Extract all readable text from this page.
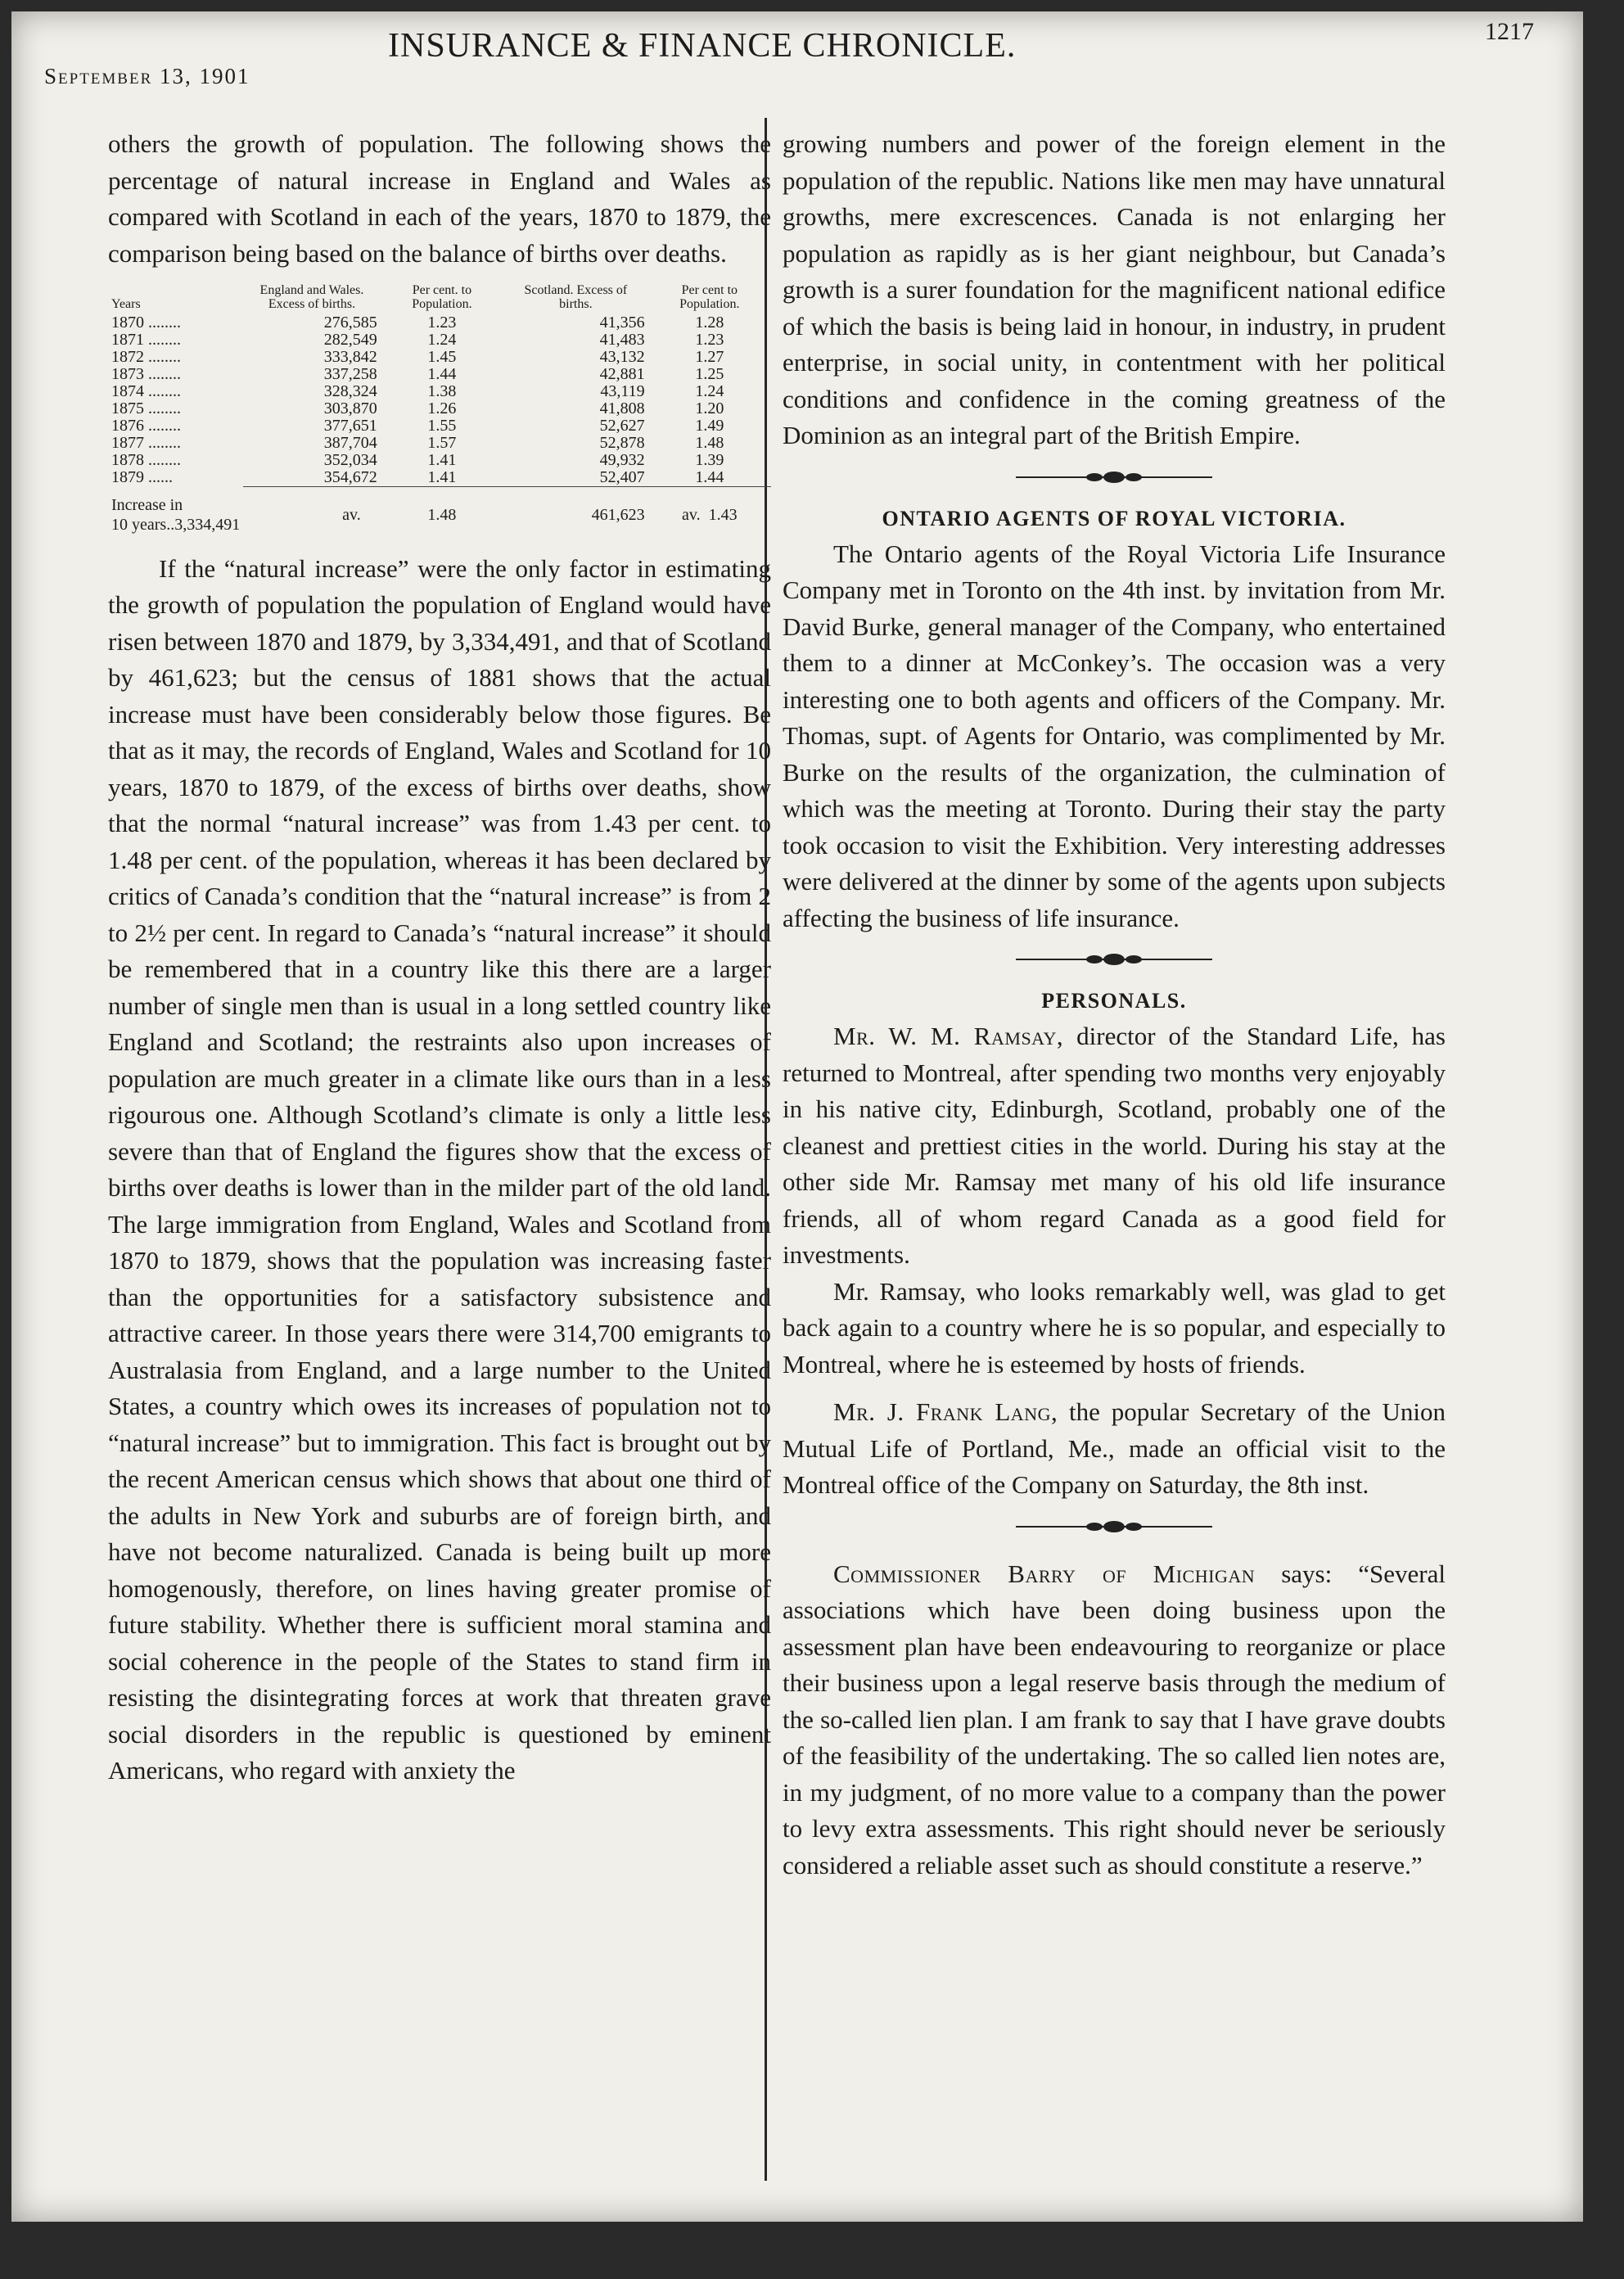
September 13, 1901
INSURANCE & FINANCE CHRONICLE.	1217

others the growth of population. The following shows the percentage of natural increase in England and Wales as compared with Scotland in each of the years, 1870 to 1879, the comparison being based on the balance of births over deaths.

Years	England and Wales. Excess of births.	Per cent. to Population.	Scotland. Excess of births.	Per cent to Population.
1870 ........	276,585	1.23	41,356	1.28
1871 ........	282,549	1.24	41,483	1.23
1872 ........	333,842	1.45	43,132	1.27
1873 ........	337,258	1.44	42,881	1.25
1874 ........	328,324	1.38	43,119	1.24
1875 ........	303,870	1.26	41,808	1.20
1876 ........	377,651	1.55	52,627	1.49
1877 ........	387,704	1.57	52,878	1.48
1878 ........	352,034	1.41	49,932	1.39
1879 ......	354,672	1.41	52,407	1.44
Increase in
10 years..3,334,491	av.	1.48	461,623	av. 1.43

If the “natural increase” were the only factor in estimating the growth of population the population of England would have risen between 1870 and 1879, by 3,334,491, and that of Scotland by 461,623; but the census of 1881 shows that the actual increase must have been considerably below those figures. Be that as it may, the records of England, Wales and Scotland for 10 years, 1870 to 1879, of the excess of births over deaths, show that the normal “natural increase” was from 1.43 per cent. to 1.48 per cent. of the population, whereas it has been declared by critics of Canada’s condition that the “natural increase” is from 2 to 2½ per cent. In regard to Canada’s “natural increase” it should be remembered that in a country like this there are a larger number of single men than is usual in a long settled country like England and Scotland; the restraints also upon increases of population are much greater in a climate like ours than in a less rigourous one. Although Scotland’s climate is only a little less severe than that of England the figures show that the excess of births over deaths is lower than in the milder part of the old land. The large immigration from England, Wales and Scotland from 1870 to 1879, shows that the population was increasing faster than the opportunities for a satisfactory subsistence and attractive career. In those years there were 314,700 emigrants to Australasia from England, and a large number to the United States, a country which owes its increases of population not to “natural increase” but to immigration. This fact is brought out by the recent American census which shows that about one third of the adults in New York and suburbs are of foreign birth, and have not become naturalized. Canada is being built up more homogenously, therefore, on lines having greater promise of future stability. Whether there is sufficient moral stamina and social coherence in the people of the States to stand firm in resisting the disintegrating forces at work that threaten grave social disorders in the republic is questioned by eminent Americans, who regard with anxiety the

growing numbers and power of the foreign element in the population of the republic. Nations like men may have unnatural growths, mere excrescences. Canada is not enlarging her population as rapidly as is her giant neighbour, but Canada’s growth is a surer foundation for the magnificent national edifice of which the basis is being laid in honour, in industry, in prudent enterprise, in social unity, in contentment with her political conditions and confidence in the coming greatness of the Dominion as an integral part of the British Empire.

ONTARIO AGENTS OF ROYAL VICTORIA.

The Ontario agents of the Royal Victoria Life Insurance Company met in Toronto on the 4th inst. by invitation from Mr. David Burke, general manager of the Company, who entertained them to a dinner at McConkey’s. The occasion was a very interesting one to both agents and officers of the Company. Mr. Thomas, supt. of Agents for Ontario, was complimented by Mr. Burke on the results of the organization, the culmination of which was the meeting at Toronto. During their stay the party took occasion to visit the Exhibition. Very interesting addresses were delivered at the dinner by some of the agents upon subjects affecting the business of life insurance.

PERSONALS.

Mr. W. M. Ramsay, director of the Standard Life, has returned to Montreal, after spending two months very enjoyably in his native city, Edinburgh, Scotland, probably one of the cleanest and prettiest cities in the world. During his stay at the other side Mr. Ramsay met many of his old life insurance friends, all of whom regard Canada as a good field for investments.

Mr. Ramsay, who looks remarkably well, was glad to get back again to a country where he is so popular, and especially to Montreal, where he is esteemed by hosts of friends.

Mr. J. Frank Lang, the popular Secretary of the Union Mutual Life of Portland, Me., made an official visit to the Montreal office of the Company on Saturday, the 8th inst.

Commissioner Barry of Michigan says: “Several associations which have been doing business upon the assessment plan have been endeavouring to reorganize or place their business upon a legal reserve basis through the medium of the so-called lien plan. I am frank to say that I have grave doubts of the feasibility of the undertaking. The so called lien notes are, in my judgment, of no more value to a company than the power to levy extra assessments. This right should never be seriously considered a reliable asset such as should constitute a reserve.”
